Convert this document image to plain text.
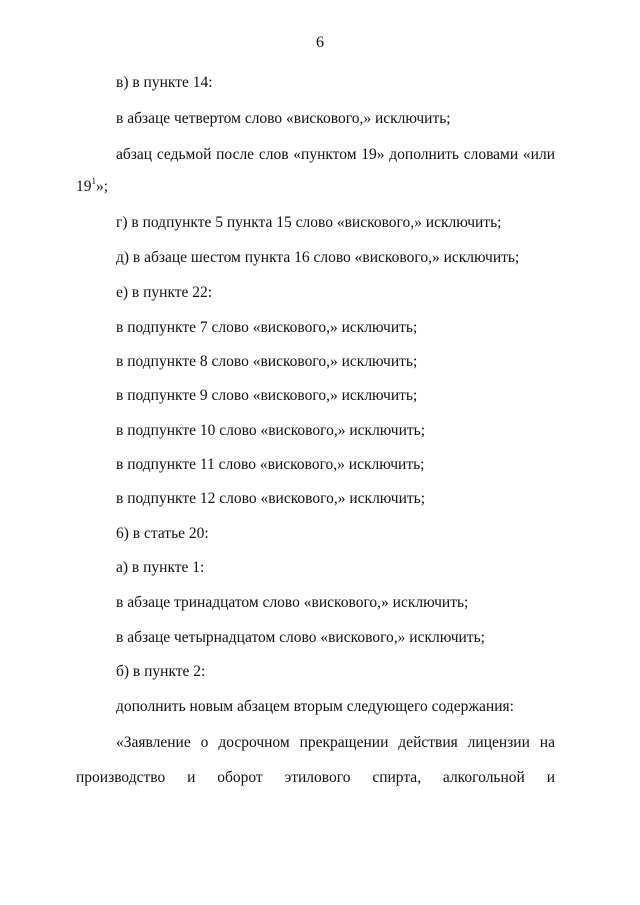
6
в) в пункте 14:
в абзаце четвертом слово «вискового,» исключить;
абзац седьмой после слов «пунктом 19» дополнить словами «или
$19^1$»;
г) в подпункте 5 пункта 15 слово «вискового,» исключить;
д) в абзаце шестом пункта 16 слово «вискового,» исключить;
е) в пункте 22:
в подпункте 7 слово «вискового,» исключить;
в подпункте 8 слово «вискового,» исключить;
в подпункте 9 слово «вискового,» исключить;
в подпункте 10 слово «вискового,» исключить;
в подпункте 11 слово «вискового,» исключить;
в подпункте 12 слово «вискового,» исключить;
6) в статье 20:
а) в пункте 1:
в абзаце тринадцатом слово «вискового,» исключить;
в абзаце четырнадцатом слово «вискового,» исключить;
б) в пункте 2:
дополнить новым абзацем вторым следующего содержания:
«Заявление о досрочном прекращении действия лицензии на
производство и оборот этилового спирта, алкогольной и
